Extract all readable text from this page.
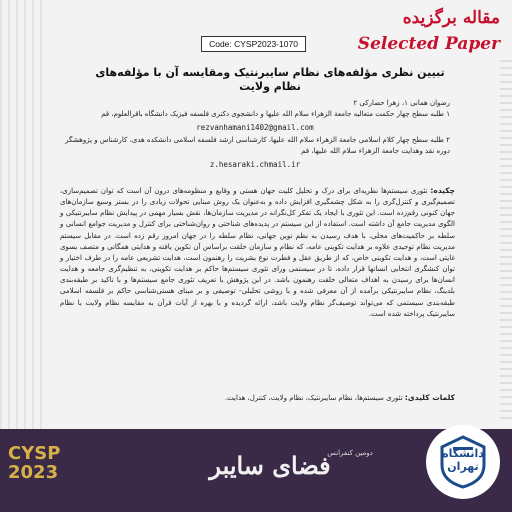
مقاله برگزیده
Selected Paper
Code: CYSP2023-1070
تبیین نظری مؤلفه‌های نظام سایبرنتیک ومقایسه آن با مؤلفه‌های نظام ولایت
رضوان همانی ۱، زهرا حصارکی ۲
۱ طلبه سطح چهار حکمت متعالیه جامعة الزهراء سلام الله علیها و دانشجوی دکتری فلسفه فیزیک دانشگاه باقرالعلوم، قم
rezvanhamani1402@gmail.com
۲ طلبه سطح چهار کلام اسلامی جامعة الزهراء سلام الله علیها، کارشناسی ارشد فلسفه اسلامی دانشکده هدی، کارشناس و پژوهشگر دوره نقد وهدایت جامعة الزهراء سلام الله علیها، قم
z.hesaraki.chmail.ir
چکیده: تئوری سیستم‌ها نظریه‌ای برای درک و تحلیل کلیت جهان هستی و وقایع و منظومه‌های درون آن است که توان تصمیم‌سازی، تصمیم‌گیری و کنترل‌گری را به شکل چشمگیری افزایش داده و به‌عنوان یک روش مبنایی تحولات زیادی را در بستر وسیع سازمان‌های جهان کنونی رقم‌زده است. این تئوری با ایجاد یک تفکر کل‌نگرانه در مدیریت سازمان‌ها، نقش بسیار مهمی در پیدایش نظام سایبرنتیکی و الگوی مدیریت جامع آن داشته است. استفاده از این سیستم در پدیده‌های شناختی و روان‌شناختی برای کنترل و مدیریت جوامع انسانی و سلطه بر حاکمیت‌های محلی، با هدف رسیدن به نظم نوین جهانی، نظام سلطه را در جهان امروز رقم زده است. در مقابل سیستم مدیریت نظام توحیدی علاوه بر هدایت تکوینی عامه، که نظام و سازمان خلقت براساس آن تکوین یافته و هدایتی همگانی و متصف بسوی غایتی است، و هدایت تکوینی خاص، که از طریق عقل و فطرت نوع بشریت را رهنمون است، هدایت تشریعی عامه را در طرف اختیار و توان کنشگری انتخابی انسانها قرار داده‌، تا در سیستمی ورای تئوری سیستم‌ها حاکم بر هدایت تکوینی، به تنظیم‌گری جامعه و هدایت انسان‌ها برای رسیدن به اهداف متعالی خلقت رهنمون باشد. در این پژوهش با تعریف تئوری جامع سیستم‌ها و با تاکید بر طبقه‌بندی بلدینگ، نظام سایبرنتیکی برآمده از آن معرفی شده و با روشی تحلیلی- توصیفی و بر مبنای هستی‌شناسی حاکم بر فلسفه اسلامی طبقه‌بندی سیستمی که می‌تواند توصیف‌گر نظام ولایت باشد، ارائه گردیده و با بهره از آیات قرآن به مقایسه نظام ولایت با نظام سایبرنتیک پرداخته شده است.
کلمات کلیدی: تئوری سیستم‌ها، نظام سایبرنتیک، نظام ولایت، کنترل، هدایت.
CYSP 2023	فضای سایبر
دومین کنفرانس	دانشگاه تهران
